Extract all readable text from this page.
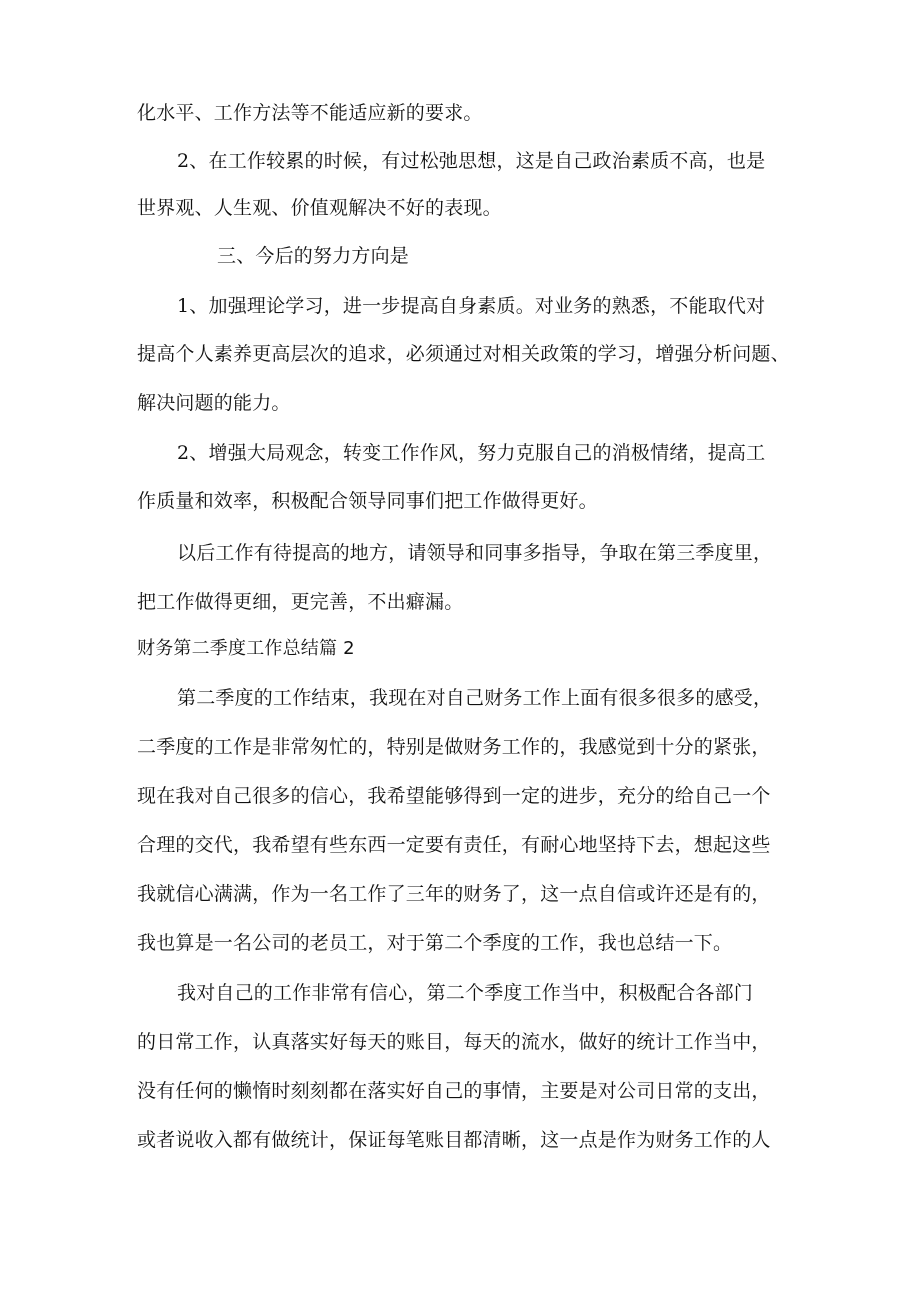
化水平、工作方法等不能适应新的要求。
2、在工作较累的时候，有过松弛思想，这是自己政治素质不高，也是
世界观、人生观、价值观解决不好的表现。
三、今后的努力方向是
1、加强理论学习，进一步提高自身素质。对业务的熟悉，不能取代对
提高个人素养更高层次的追求，必须通过对相关政策的学习，增强分析问题、
解决问题的能力。
2、增强大局观念，转变工作作风，努力克服自己的消极情绪，提高工
作质量和效率，积极配合领导同事们把工作做得更好。
以后工作有待提高的地方，请领导和同事多指导，争取在第三季度里，
把工作做得更细，更完善，不出癖漏。
财务第二季度工作总结篇 2
第二季度的工作结束，我现在对自己财务工作上面有很多很多的感受，
二季度的工作是非常匆忙的，特别是做财务工作的，我感觉到十分的紧张，
现在我对自己很多的信心，我希望能够得到一定的进步，充分的给自己一个
合理的交代，我希望有些东西一定要有责任，有耐心地坚持下去，想起这些
我就信心满满，作为一名工作了三年的财务了，这一点自信或许还是有的，
我也算是一名公司的老员工，对于第二个季度的工作，我也总结一下。
我对自己的工作非常有信心，第二个季度工作当中，积极配合各部门
的日常工作，认真落实好每天的账目，每天的流水，做好的统计工作当中，
没有任何的懒惰时刻刻都在落实好自己的事情，主要是对公司日常的支出，
或者说收入都有做统计，保证每笔账目都清晰，这一点是作为财务工作的人
